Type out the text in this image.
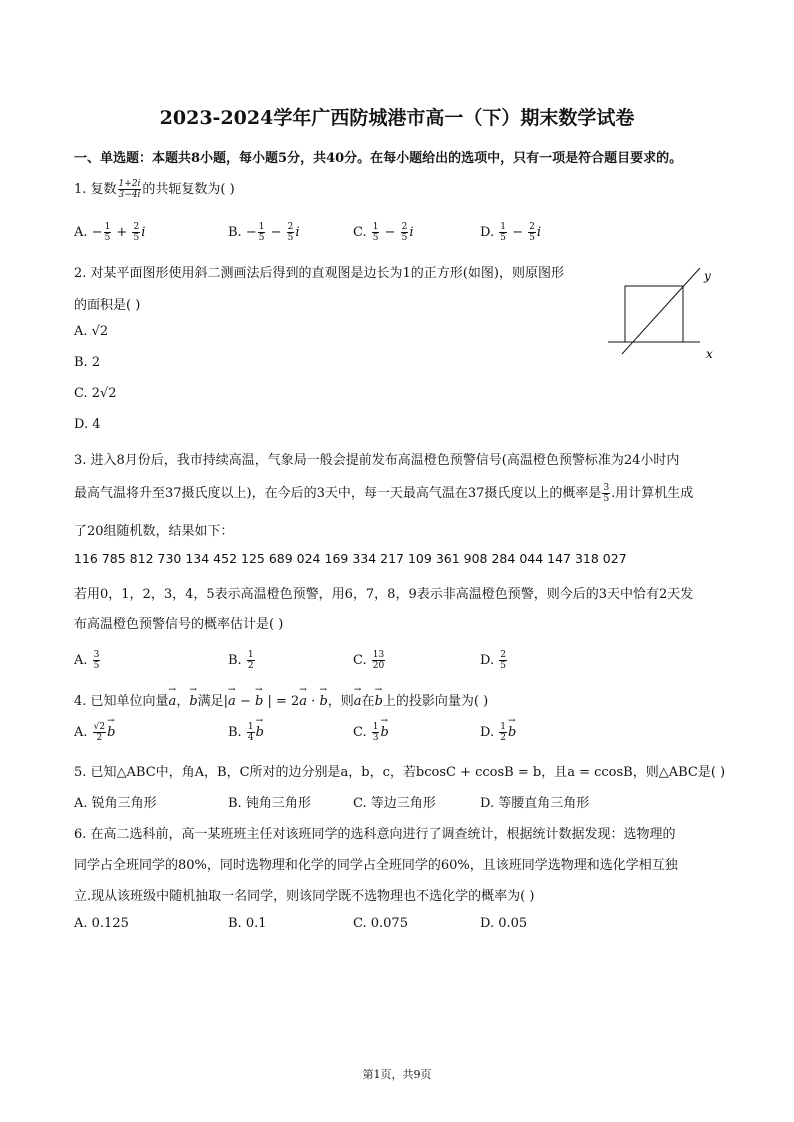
2023-2024学年广西防城港市高一（下）期末数学试卷
一、单选题：本题共8小题，每小题5分，共40分。在每小题给出的选项中，只有一项是符合题目要求的。
1. 复数 $\frac{1+2i}{3-4i}$ 的共轭复数为( )
A. − $\frac{1}{5} + \frac{2}{5}$ i	B. − $\frac{1}{5} - \frac{2}{5}$ i	C. $\frac{1}{5} - \frac{2}{5}$ i	D. $\frac{1}{5} - \frac{2}{5}$ i
2. 对某平面图形使用斜二测画法后得到的直观图是边长为1的正方形(如图)，则原图形
的面积是( )
A. √2
B. 2
C. 2√2
D. 4
x
y
3. 进入8月份后，我市持续高温，气象局一般会提前发布高温橙色预警信号(高温橙色预警标准为24小时内
最高气温将升至37摄氏度以上)，在今后的3天中，每一天最高气温在37摄氏度以上的概率是 $\frac{3}{5}$ .用计算机生成
了20组随机数，结果如下：
116 785 812 730 134 452 125 689 024 169 334 217 109 361 908 284 044 147 318 027
若用0，1，2，3，4，5表示高温橙色预警，用6，7，8，9表示非高温橙色预警，则今后的3天中恰有2天发
布高温橙色预警信号的概率估计是( )
A. $\frac{3}{5}$	B. $\frac{1}{2}$	C. $\frac{13}{20}$	D. $\frac{2}{5}$
4. 已知单位向量→ a，→ b满足|→ a − → b | = 2→ a · → b，则→ a在→ b上的投影向量为( )
A. $\frac{√2}{2}$
→ b	B. $\frac{1}{4}$
→ b	C. $\frac{1}{3}$
→ b	D. $\frac{1}{2}$
→ b
5. 已知△ABC中，角A，B，C所对的边分别是a，b，c，若bcosC + ccosB = b，且a = ccosB，则△ABC是( )
A. 锐角三角形	B. 钝角三角形	C. 等边三角形	D. 等腰直角三角形
6. 在高二选科前，高一某班班主任对该班同学的选科意向进行了调查统计，根据统计数据发现：选物理的
同学占全班同学的80%，同时选物理和化学的同学占全班同学的60%，且该班同学选物理和选化学相互独
立.现从该班级中随机抽取一名同学，则该同学既不选物理也不选化学的概率为( )
A. 0.125	B. 0.1	C. 0.075	D. 0.05
第1页，共9页
